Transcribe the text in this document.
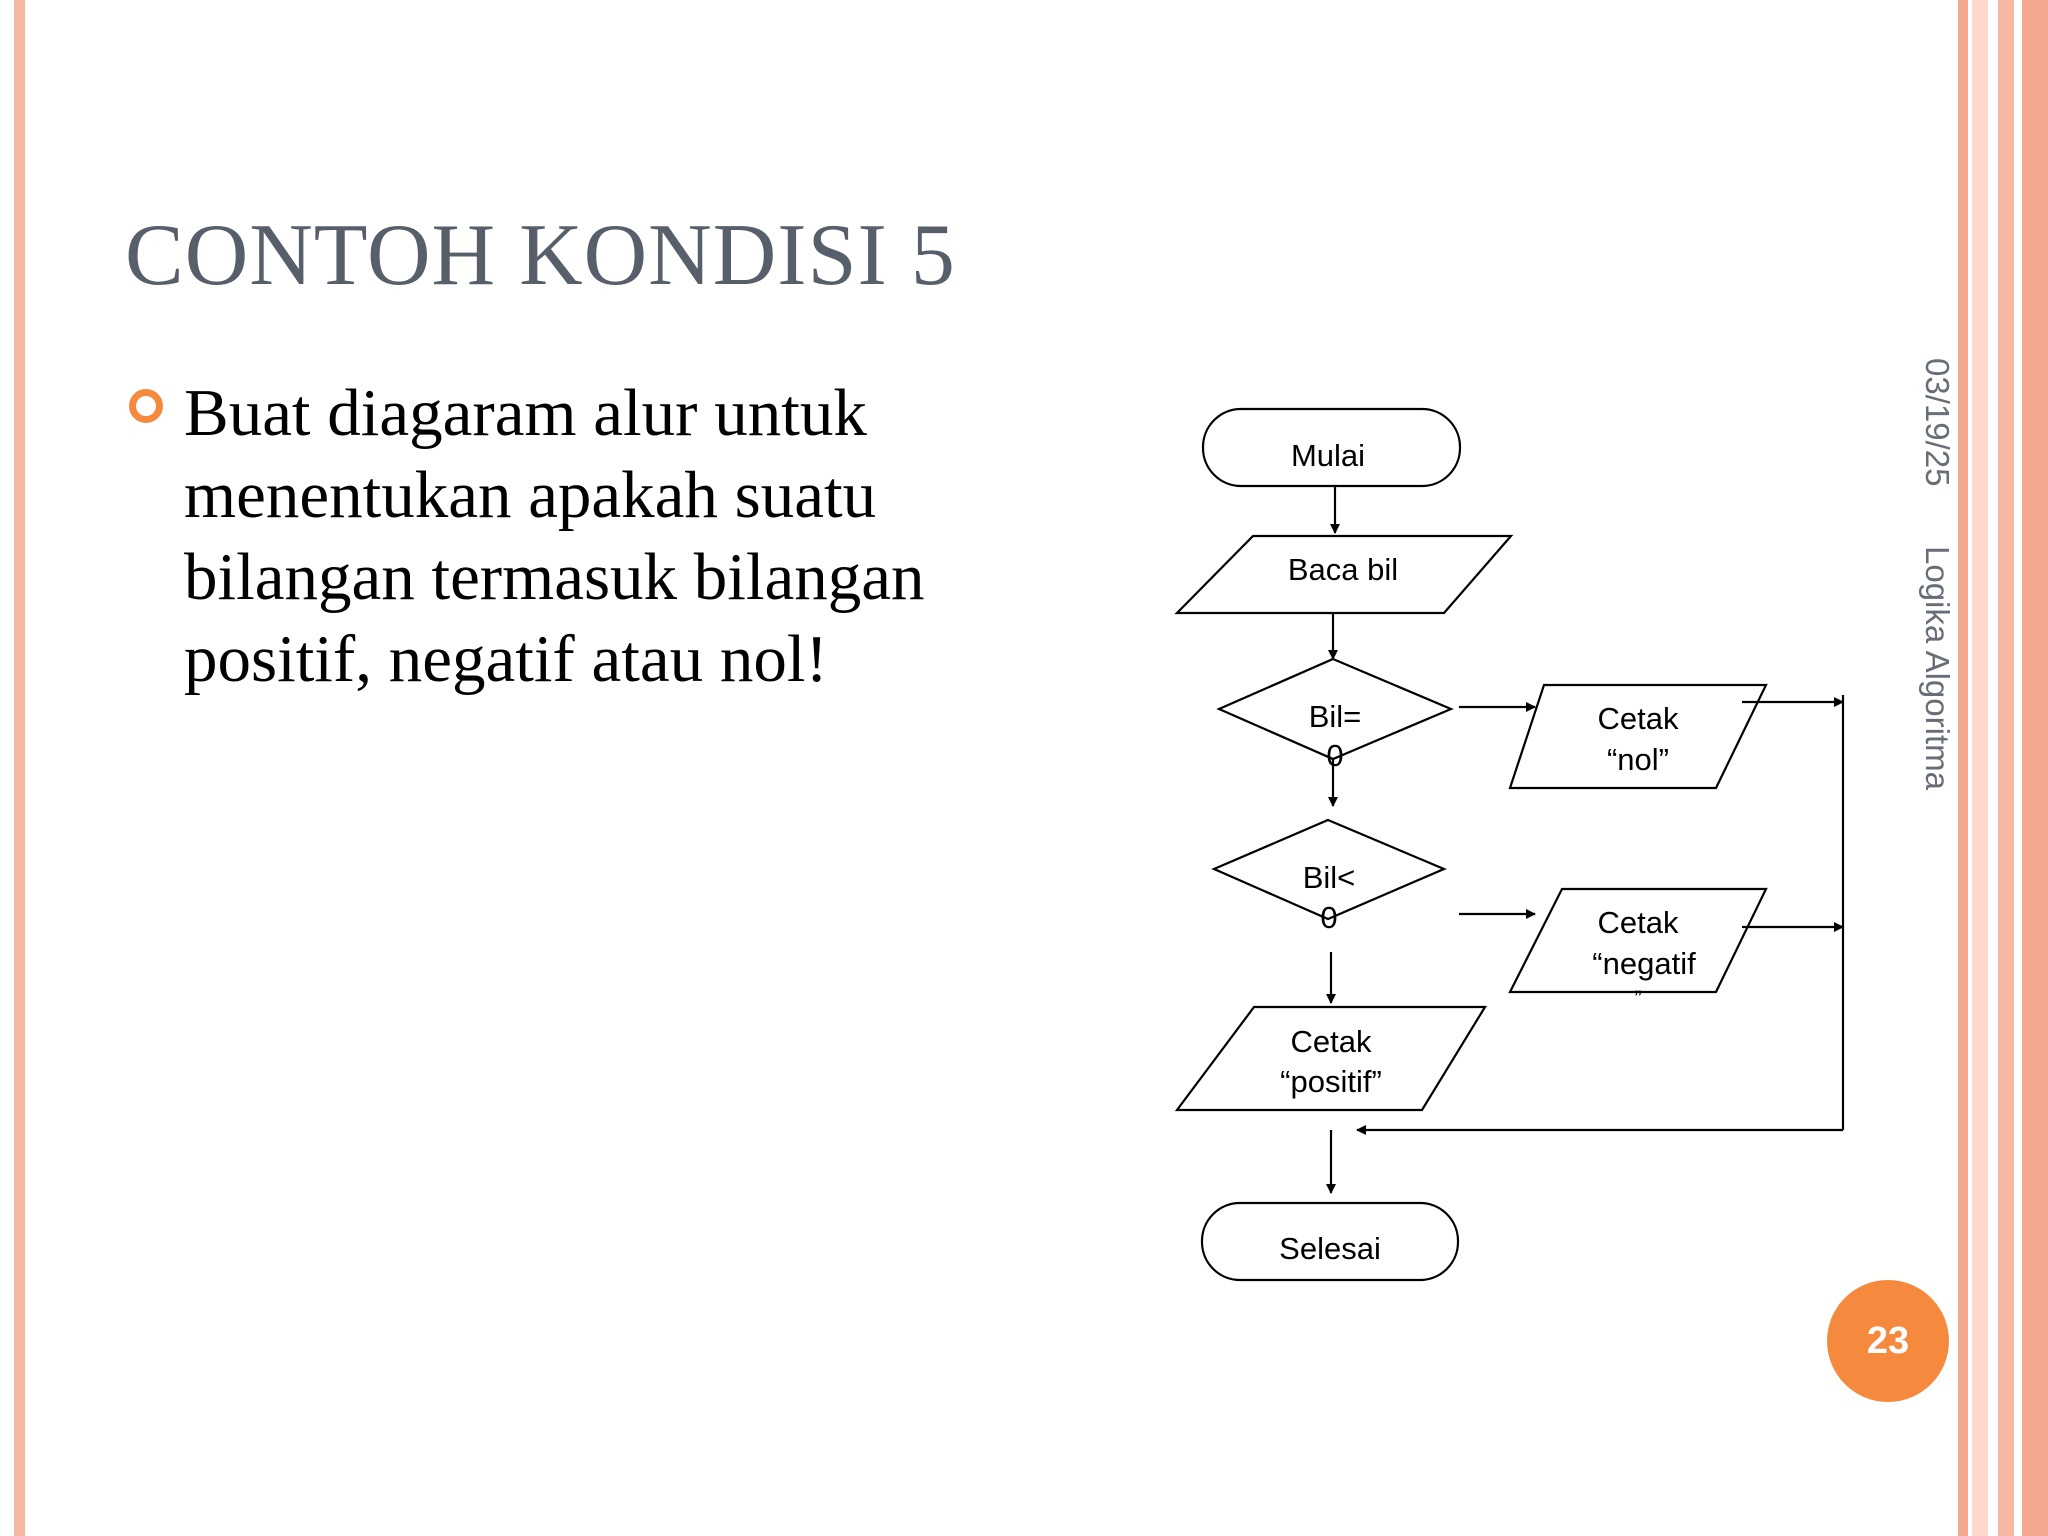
CONTOH KONDISI 5

Buat diagaram alur untuk menentukan apakah suatu bilangan termasuk bilangan positif, negatif atau nol!

03/19/25 Logika Algoritma
23
Mulai
Baca bil
Bil=
0
Cetak
“nol”
Bil<
0	Cetak
“negatif
”
Cetak
“positif”
Selesai
